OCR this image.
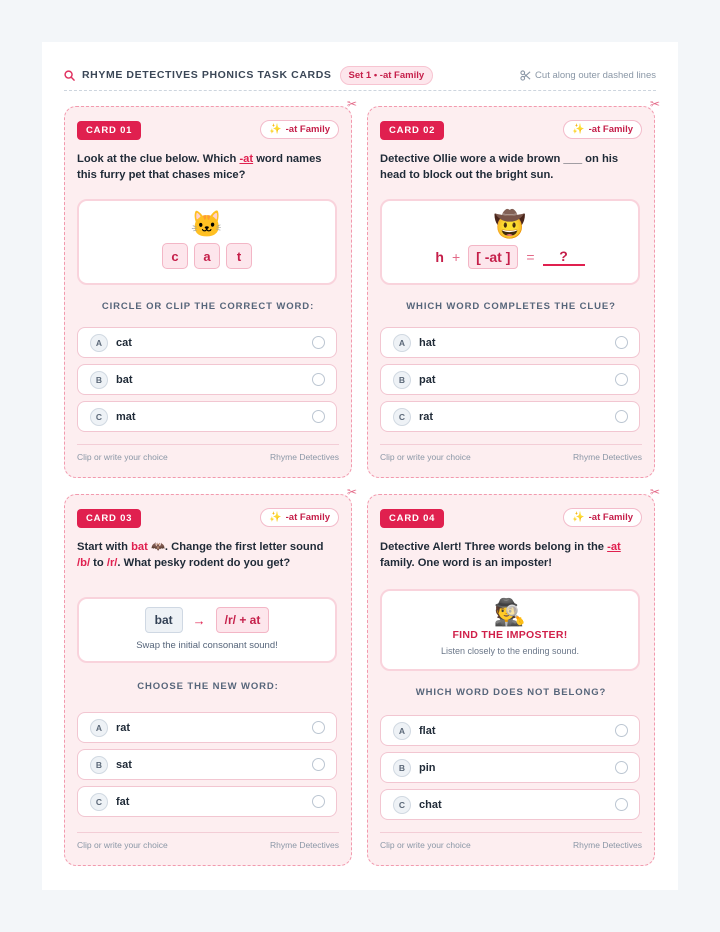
RHYME DETECTIVES PHONICS TASK CARDS	Set 1 • -at Family	Cut along outer dashed lines
✂
CARD 01	✨ -at Family
Look at the clue below. Which -at word names this furry pet that chases mice?
🐱
c	a	t
CIRCLE OR CLIP THE CORRECT WORD:
A	cat
B	bat
C	mat
Clip or write your choice	Rhyme Detectives
✂
CARD 02	✨ -at Family
Detective Ollie wore a wide brown ___ on his head to block out the bright sun.
🤠
h +	[ -at ]	=	?
WHICH WORD COMPLETES THE CLUE?
A	hat
B	pat
C	rat
Clip or write your choice	Rhyme Detectives
✂
CARD 03	✨ -at Family
Start with bat 🦇. Change the first letter sound /b/ to /r/. What pesky rodent do you get?
bat	→	/r/ + at
Swap the initial consonant sound!
CHOOSE THE NEW WORD:
A	rat
B	sat
C	fat
Clip or write your choice	Rhyme Detectives
✂
CARD 04	✨ -at Family
Detective Alert! Three words belong in the -at family. One word is an imposter!
🕵️
FIND THE IMPOSTER!
Listen closely to the ending sound.
WHICH WORD DOES NOT BELONG?
A	flat
B	pin
C	chat
Clip or write your choice	Rhyme Detectives
